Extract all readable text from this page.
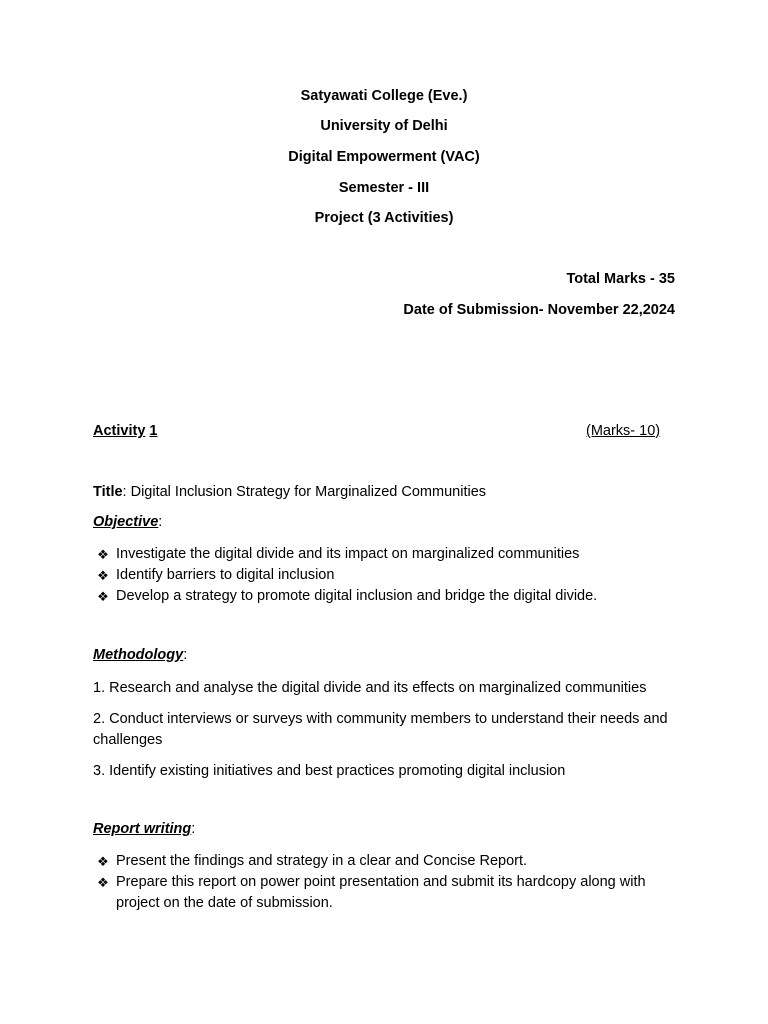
Satyawati College (Eve.)
University of Delhi
Digital Empowerment (VAC)
Semester - III
Project (3 Activities)
Total Marks - 35
Date of Submission- November 22,2024
Activity 1	(Marks- 10)
Title: Digital Inclusion Strategy for Marginalized Communities
Objective:
❖ Investigate the digital divide and its impact on marginalized communities
❖ Identify barriers to digital inclusion
❖ Develop a strategy to promote digital inclusion and bridge the digital divide.
Methodology:
1. Research and analyse the digital divide and its effects on marginalized communities
2. Conduct interviews or surveys with community members to understand their needs and challenges
3. Identify existing initiatives and best practices promoting digital inclusion
Report writing:
❖ Present the findings and strategy in a clear and Concise Report.
❖ Prepare this report on power point presentation and submit its hardcopy along with project on the date of submission.
